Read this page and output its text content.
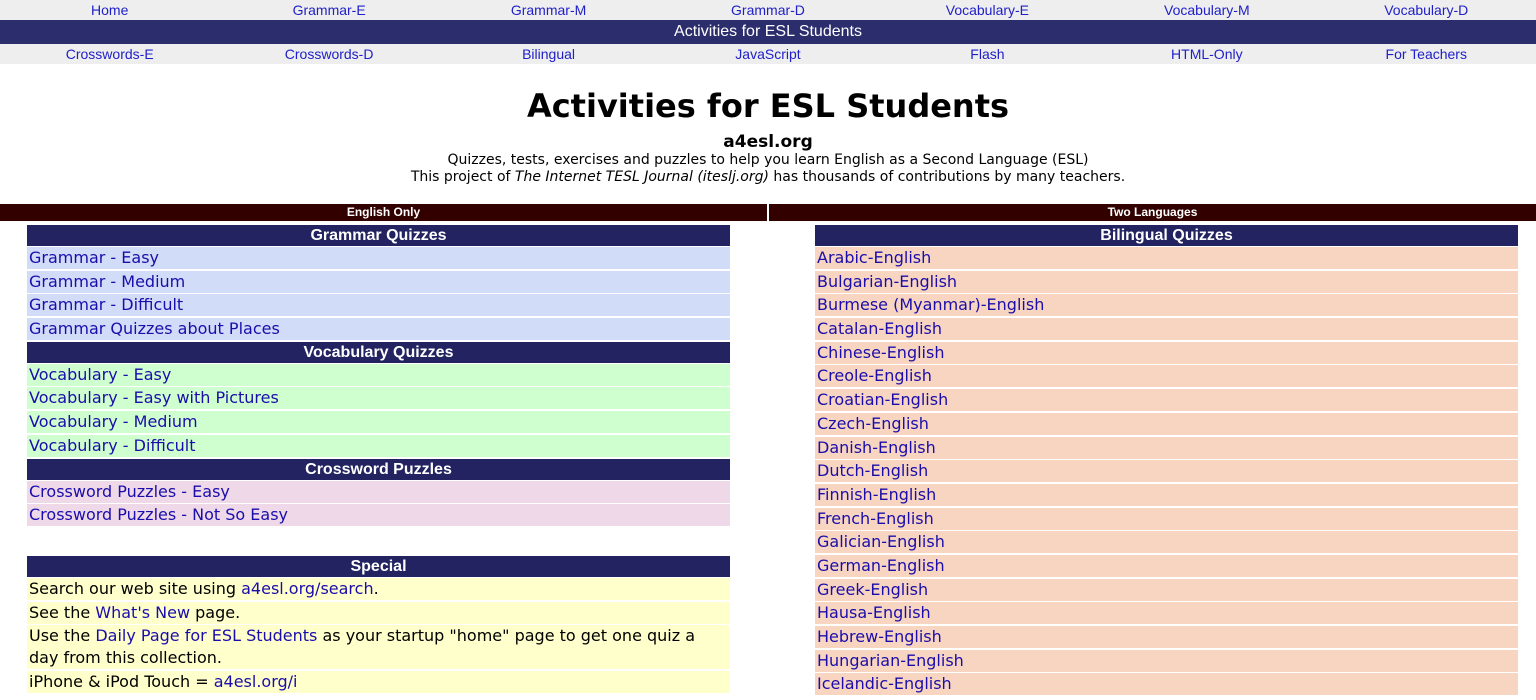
Home	Grammar-E	Grammar-M	Grammar-D	Vocabulary-E	Vocabulary-M	Vocabulary-D
Activities for ESL Students
Crosswords-E	Crosswords-D	Bilingual	JavaScript	Flash	HTML-Only	For Teachers
Activities for ESL Students
a4esl.org
Quizzes, tests, exercises and puzzles to help you learn English as a Second Language (ESL)
This project of The Internet TESL Journal (iteslj.org) has thousands of contributions by many teachers.
English Only	Two Languages
Grammar Quizzes
Grammar - Easy
Grammar - Medium
Grammar - Difficult
Grammar Quizzes about Places
Vocabulary Quizzes
Vocabulary - Easy
Vocabulary - Easy with Pictures
Vocabulary - Medium
Vocabulary - Difficult
Crossword Puzzles
Crossword Puzzles - Easy
Crossword Puzzles - Not So Easy
Special
Search our web site using a4esl.org/search.
See the What's New page.
Use the Daily Page for ESL Students as your startup "home" page to get one quiz a day from this collection.
iPhone & iPod Touch = a4esl.org/i
Bilingual Quizzes
Arabic-English
Bulgarian-English
Burmese (Myanmar)-English
Catalan-English
Chinese-English
Creole-English
Croatian-English
Czech-English
Danish-English
Dutch-English
Finnish-English
French-English
Galician-English
German-English
Greek-English
Hausa-English
Hebrew-English
Hungarian-English
Icelandic-English
